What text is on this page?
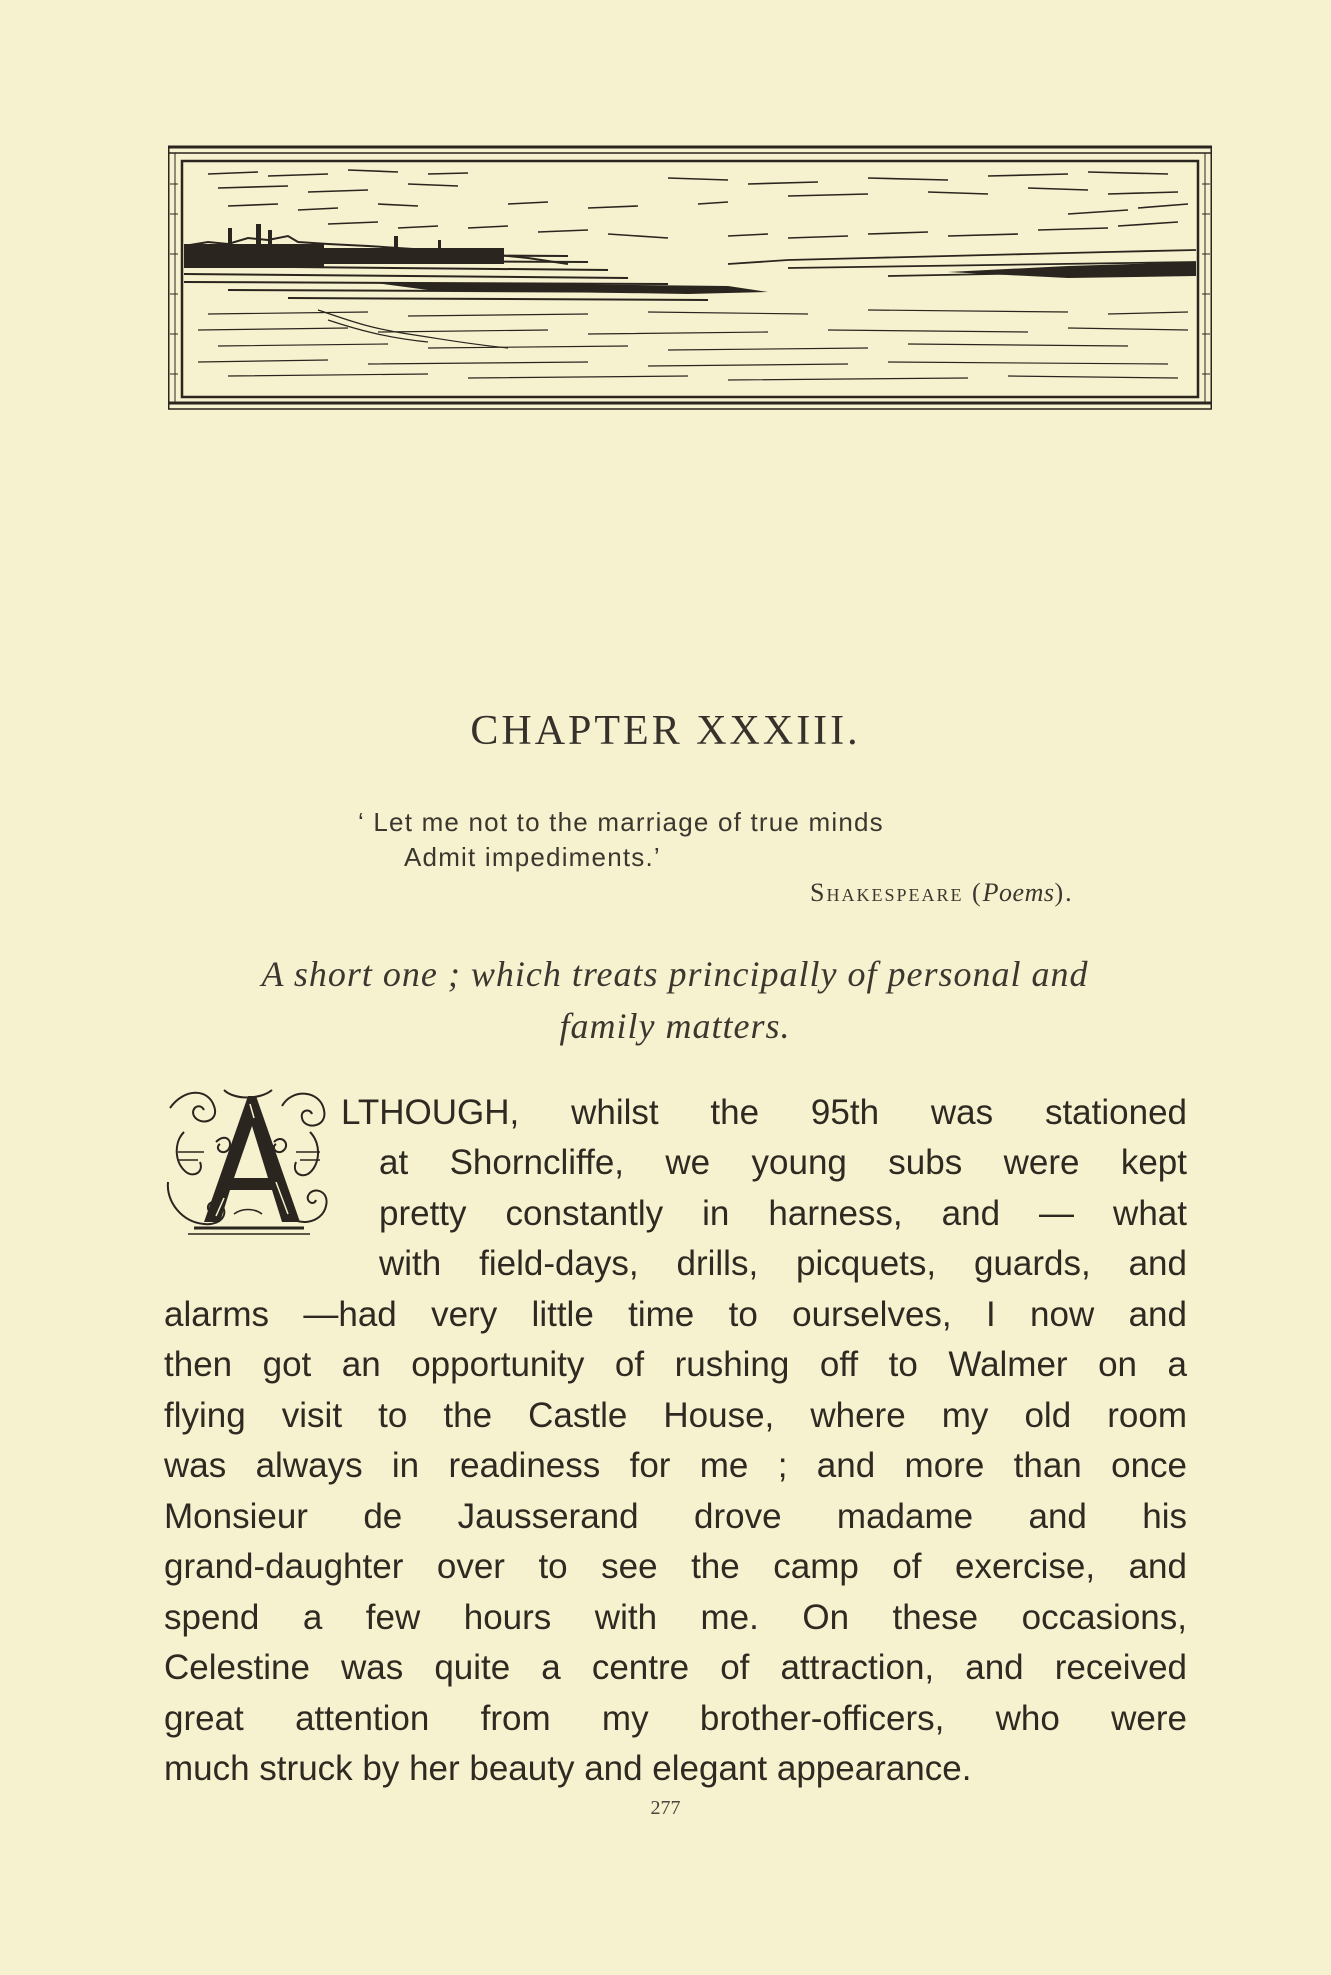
CHAPTER XXXIII.
‘ Let me not to the marriage of true minds
Admit impediments.’
Shakespeare (Poems).
A short one ; which treats principally of personal and
family matters.
LTHOUGH, whilst the 95th was stationed
at Shorncliffe, we young subs were kept
pretty constantly in harness, and — what
with field-days, drills, picquets, guards, and
alarms —had very little time to ourselves, I now and
then got an opportunity of rushing off to Walmer on a
flying visit to the Castle House, where my old room
was always in readiness for me ; and more than once
Monsieur de Jausserand drove madame and his
grand-daughter over to see the camp of exercise, and
spend a few hours with me. On these occasions,
Celestine was quite a centre of attraction, and received
great attention from my brother-officers, who were
much struck by her beauty and elegant appearance.
277
